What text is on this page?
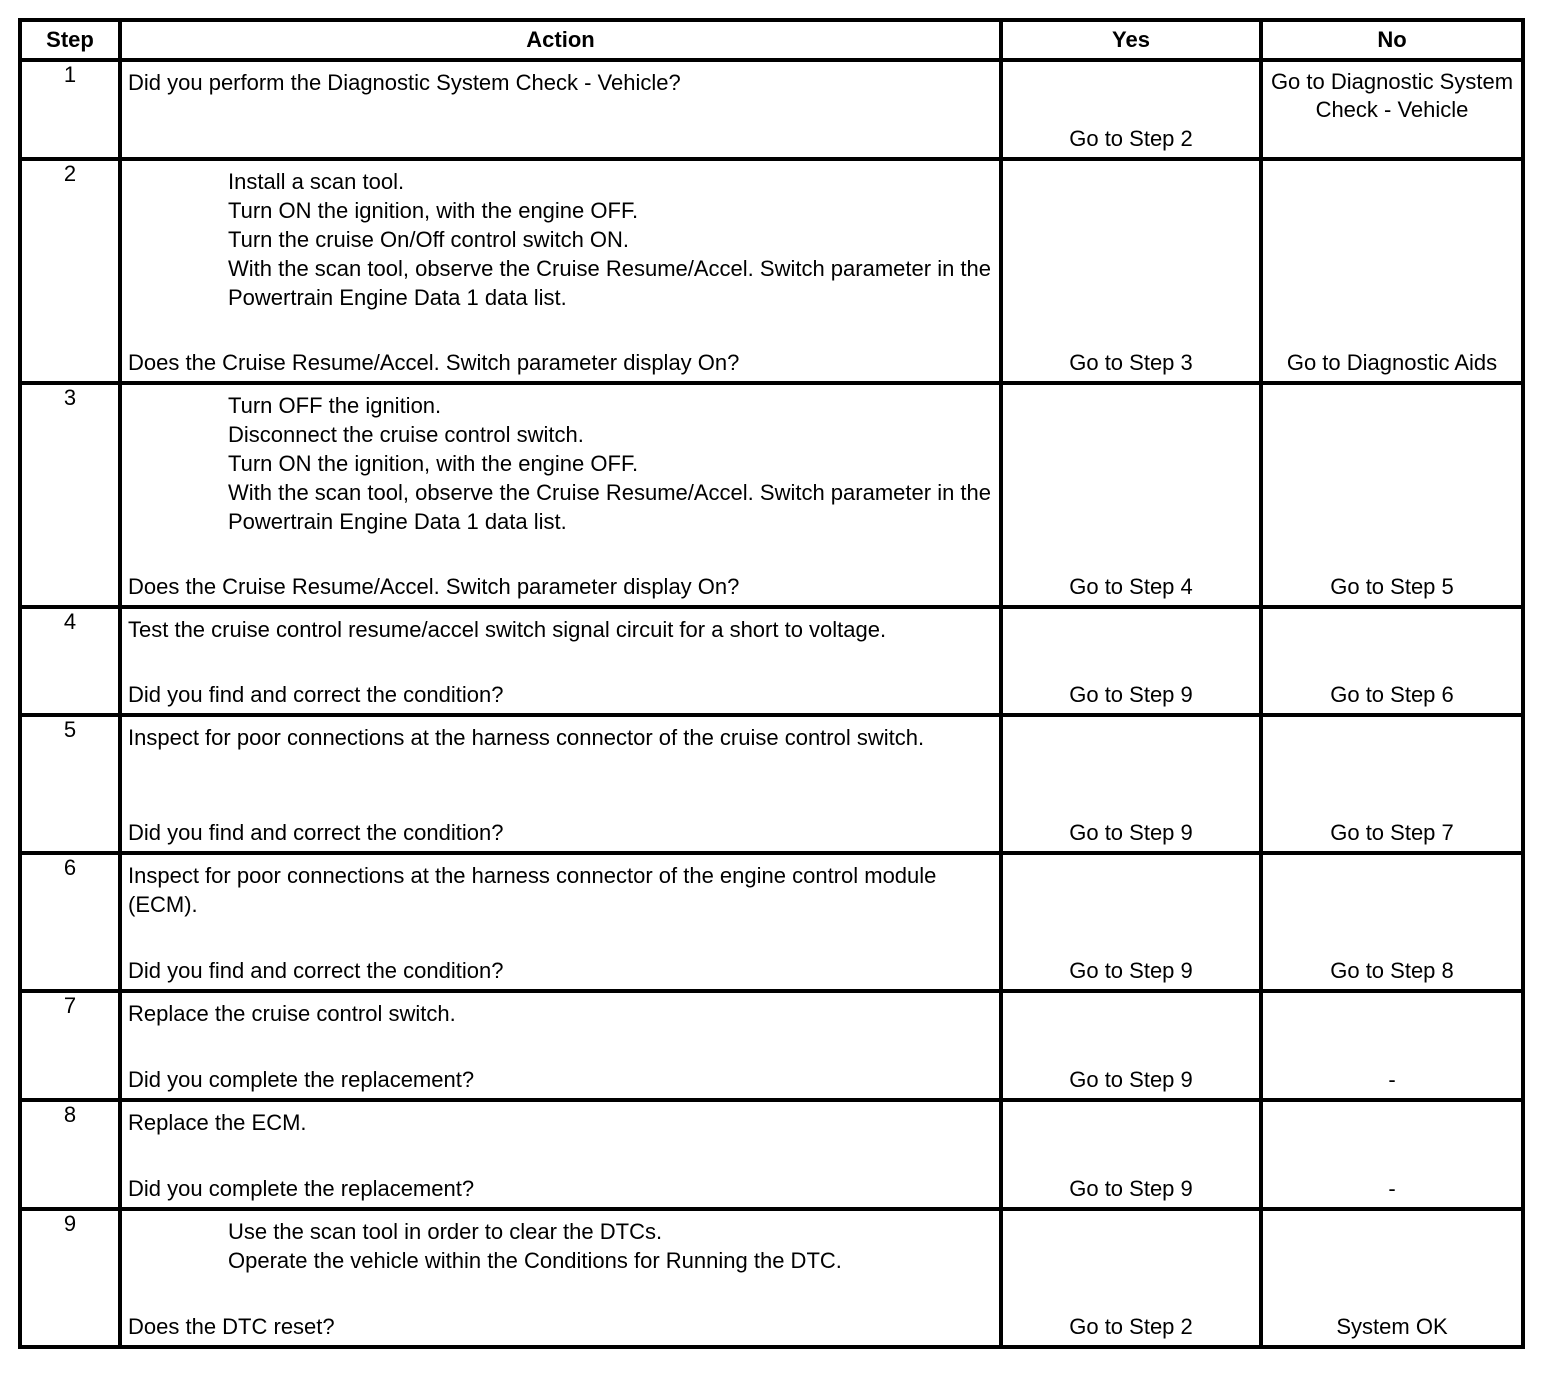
Step	Action	Yes	No
1	Did you perform the Diagnostic System Check - Vehicle?	Go to Step 2	Go to Diagnostic System Check - Vehicle

2	Install a scan tool.
Turn ON the ignition, with the engine OFF.
Turn the cruise On/Off control switch ON.
With the scan tool, observe the Cruise Resume/Accel. Switch parameter in the Powertrain Engine Data 1 data list.
Does the Cruise Resume/Accel. Switch parameter display On?	Go to Step 3	Go to Diagnostic Aids

3	Turn OFF the ignition.
Disconnect the cruise control switch.
Turn ON the ignition, with the engine OFF.
With the scan tool, observe the Cruise Resume/Accel. Switch parameter in the Powertrain Engine Data 1 data list.
Does the Cruise Resume/Accel. Switch parameter display On?	Go to Step 4	Go to Step 5

4	Test the cruise control resume/accel switch signal circuit for a short to voltage.
Did you find and correct the condition?	Go to Step 9	Go to Step 6

5	Inspect for poor connections at the harness connector of the cruise control switch.
Did you find and correct the condition?	Go to Step 9	Go to Step 7

6	Inspect for poor connections at the harness connector of the engine control module (ECM).
Did you find and correct the condition?	Go to Step 9	Go to Step 8

7	Replace the cruise control switch.
Did you complete the replacement?	Go to Step 9	-

8	Replace the ECM.
Did you complete the replacement?	Go to Step 9	-

9	Use the scan tool in order to clear the DTCs.
Operate the vehicle within the Conditions for Running the DTC.
Does the DTC reset?	Go to Step 2	System OK
